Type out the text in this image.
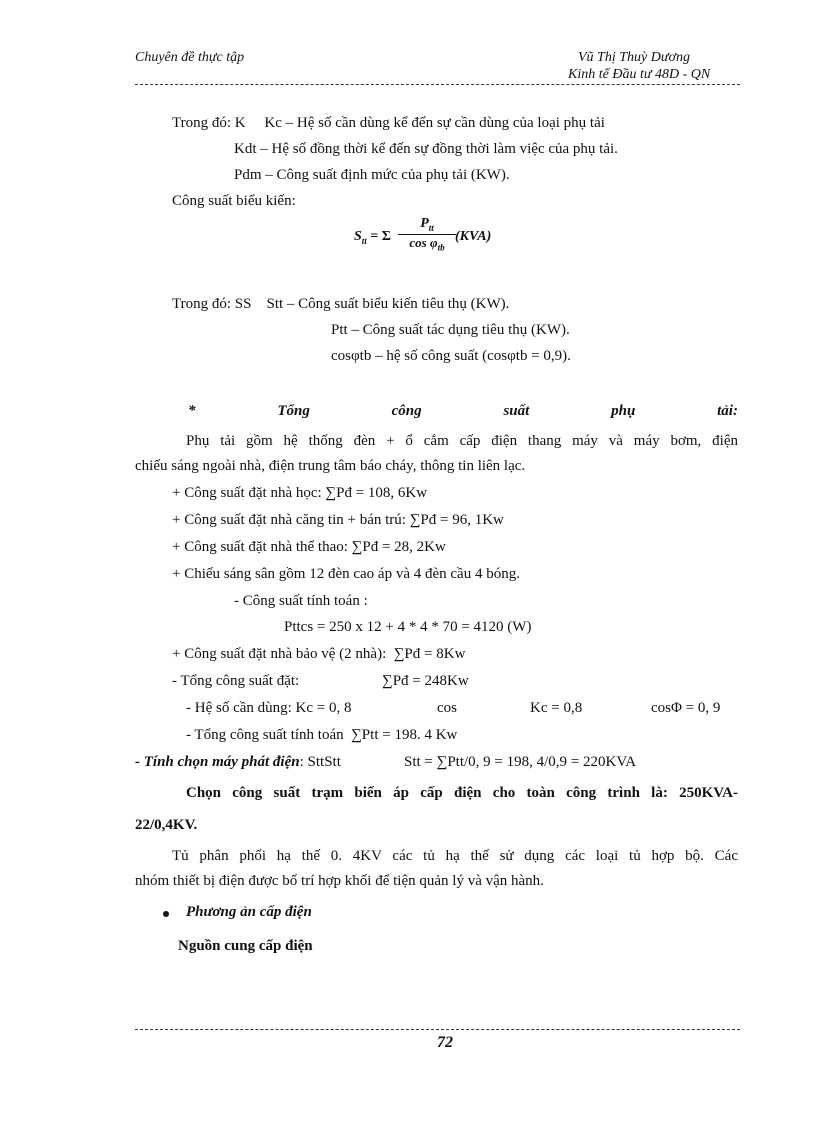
Chuyên đề thực tập	Vũ Thị Thuỳ Dương
Kinh tế Đầu tư 48D - QN
Trong đó: K     Kc – Hệ số cần dùng kể đến sự cần dùng của loại phụ tải
Kdt – Hệ số đồng thời kể đến sự đồng thời làm việc của phụ tải.
Pdm – Công suất định mức của phụ tải (KW).
Công suất biểu kiến:
$S_{tt} = \Sigma$
$P_{tt}$
$\cos \varphi_{tb}$
(KVA)
Trong đó: SS    Stt – Công suất biểu kiến tiêu thụ (KW).
Ptt – Công suất tác dụng tiêu thụ (KW).
cosφtb – hệ số công suất (cosφtb = 0,9).
*	Tổng	công	suất	phụ	tải:
Phụ tải gồm hệ thống đèn + ổ cắm cấp điện thang máy và máy bơm, điện
chiếu sáng ngoài nhà, điện trung tâm báo cháy, thông tin liên lạc.
+ Công suất đặt nhà học: ∑Pđ = 108, 6Kw
+ Công suất đặt nhà căng tin + bán trú: ∑Pđ = 96, 1Kw
+ Công suất đặt nhà thể thao: ∑Pđ = 28, 2Kw
+ Chiếu sáng sân gồm 12 đèn cao áp và 4 đèn cầu 4 bóng.
- Công suất tính toán :
Pttcs = 250 x 12 + 4 * 4 * 70 = 4120 (W)
+ Công suất đặt nhà bảo vệ (2 nhà):  ∑Pđ = 8Kw
- Tổng công suất đặt:	∑Pđ = 248Kw
- Hệ số cần dùng: Kc = 0, 8	cos	Kc = 0,8	cosΦ = 0, 9
- Tổng công suất tính toán  ∑Ptt = 198. 4 Kw
- Tính chọn máy phát điện: SttStt	Stt = ∑Ptt/0, 9 = 198, 4/0,9 = 220KVA
Chọn công suất trạm biến áp cấp điện cho toàn công trình là: 250KVA-
22/0,4KV.
Tủ phân phối hạ thế 0. 4KV các tủ hạ thế sử dụng các loại tủ hợp bộ. Các
nhóm thiết bị điện được bố trí hợp khối để tiện quản lý và vận hành.
Phương ản cấp điện
Nguồn cung cấp điện
72
